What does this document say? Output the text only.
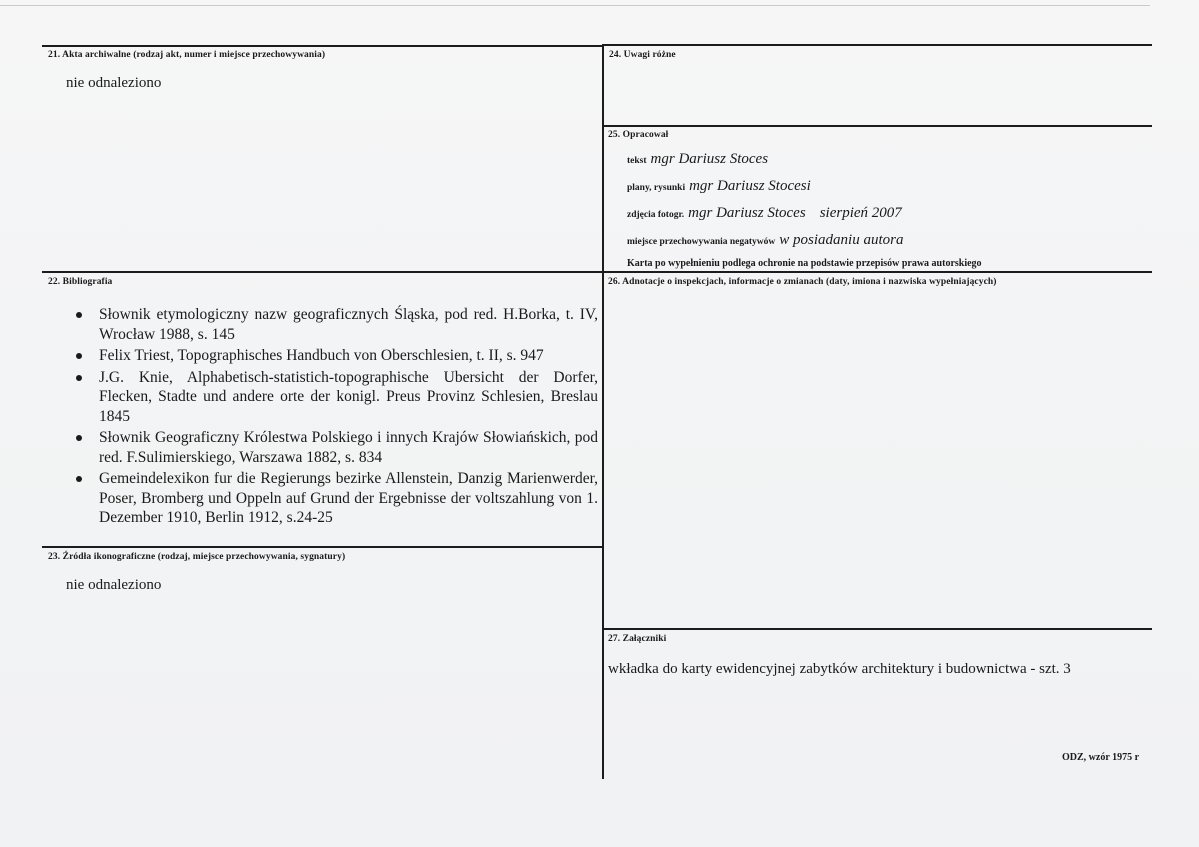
21. Akta archiwalne (rodzaj akt, numer i miejsce przechowywania)
nie odnaleziono
24. Uwagi różne
25. Opracował
tekst mgr Dariusz Stoces
plany, rysunki mgr Dariusz Stocesi
zdjęcia fotogr. mgr Dariusz Stoces sierpień 2007
miejsce przechowywania negatywów w posiadaniu autora
Karta po wypełnieniu podlega ochronie na podstawie przepisów prawa autorskiego
22. Bibliografia
Słownik etymologiczny nazw geograficznych Śląska, pod red. H.Borka, t. IV, Wrocław 1988, s. 145
Felix Triest, Topographisches Handbuch von Oberschlesien, t. II, s. 947
J.G. Knie, Alphabetisch-statistich-topographische Ubersicht der Dorfer, Flecken, Stadte und andere orte der konigl. Preus Provinz Schlesien, Breslau 1845
Słownik Geograficzny Królestwa Polskiego i innych Krajów Słowiańskich, pod red. F.Sulimierskiego, Warszawa 1882, s. 834
Gemeindelexikon fur die Regierungs bezirke Allenstein, Danzig Marienwerder, Poser, Bromberg und Oppeln auf Grund der Ergebnisse der voltszahlung von 1. Dezember 1910, Berlin 1912, s.24-25
26. Adnotacje o inspekcjach, informacje o zmianach (daty, imiona i nazwiska wypełniających)
23. Źródła ikonograficzne (rodzaj, miejsce przechowywania, sygnatury)
nie odnaleziono
27. Załączniki
wkładka do karty ewidencyjnej zabytków architektury i budownictwa - szt. 3
ODZ, wzór 1975 r
